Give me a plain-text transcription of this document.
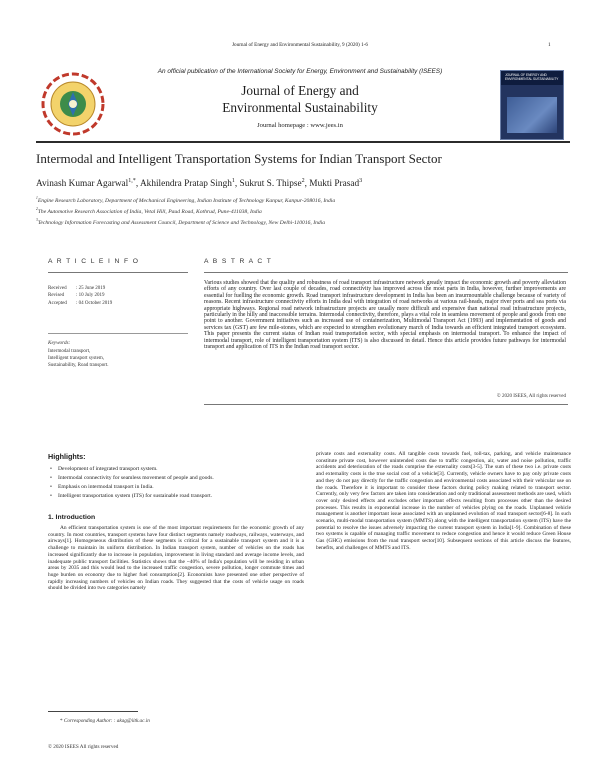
Journal of Energy and Environmental Sustainability, 9 (2020) 1-6	1
An official publication of the International Society for Energy, Environment and Sustainability (ISEES)
Journal of Energy and
Environmental Sustainability
Journal homepage : www.jees.in
JOURNAL OF ENERGY AND ENVIRONMENTAL SUSTAINABILITY
Intermodal and Intelligent Transportation Systems for Indian Transport Sector
Avinash Kumar Agarwal$^{1,*}$, Akhilendra Pratap Singh$^1$, Sukrut S. Thipse$^2$, Mukti Prasad$^3$
$^1$Engine Research Laboratory, Department of Mechanical Engineering, Indian Institute of Technology Kanpur, Kanpur-208016, India
$^2$The Automotive Research Association of India, Vetal Hill, Paud Road, Kothrud, Pune-411038, India
$^3$Technology Information Forecasting and Assessment Council, Department of Science and Technology, New Delhi-110016, India
A R T I C L E I N F O
Received : 25 June 2019
Revised : 10 July 2019
Accepted : 04 October 2019
Keywords:
Intermodal transport,
Intelligent transport system,
Sustainability, Road transport.
A B S T R A C T
Various studies showed that the quality and robustness of road transport infrastructure network greatly impact the economic growth and poverty alleviation efforts of any country. Over last couple of decades, road connectivity has improved across the most parts in India, however, further improvements are essential for fuelling the economic growth. Road transport infrastructure development in India has been an insurmountable challenge because of variety of reasons. Recent infrastructure connectivity efforts in India deal with integration of road networks at various rail-heads, major river ports and sea ports via appropriate highways. Regional road network infrastructure projects are usually more difficult and expensive than national road infrastructure projects, particularly in the hilly and inaccessible terrains. Intermodal connectivity, therefore, plays a vital role in seamless movement of people and goods from one point to another. Government initiatives such as increased use of containerization, Multimodal Transport Act (1993) and implementation of goods and services tax (GST) are few mile-stones, which are expected to strengthen evolutionary march of India towards an efficient integrated transport ecosystem. This paper presents the current status of Indian road transportation sector, with special emphasis on intermodal transport. To enhance the impact of intermodal transport, role of intelligent transportation system (ITS) is also discussed in detail. Hence this article provides future pathways for intermodal transport and application of ITS in the Indian road transport sector.
© 2020 ISEES, All rights reserved
Highlights:
• Development of integrated transport system.
• Intermodal connectivity for seamless movement of people and goods.
• Emphasis on intermodal transport in India.
• Intelligent transportation system (ITS) for sustainable road transport.
1. Introduction
An efficient transportation system is one of the most important requirements for the economic growth of any country. In most countries, transport systems have four distinct segments namely roadways, railways, waterways, and airways[1]. Homogeneous distribution of these segments is critical for a sustainable transport system and it is a challenge to maintain its uniform distribution. In Indian transport system, number of vehicles on the roads has increased significantly due to increase in population, improvement in living standard and average income levels, and inadequate public transport facilities. Statistics shows that the ~40% of India's population will be residing in urban areas by 2035 and this would lead to the increased traffic congestion, severe pollution, longer commute times and huge burden on economy due to higher fuel consumption[2]. Economists have presented one other perspective of rapidly increasing numbers of vehicles on Indian roads. They suggested that the costs of vehicle usage on roads should be divided into two categories namely
private costs and externality costs. All tangible costs towards fuel, toll-tax, parking, and vehicle maintenance constitute private cost, however unintended costs due to traffic congestion, air, water and noise pollution, traffic accidents and deterioration of the roads comprise the externality costs[3-5]. The sum of these two i.e. private costs and externality costs is the true social cost of a vehicle[3]. Currently, vehicle owners have to pay only private costs and they do not pay directly for the traffic congestion and environmental costs associated with their vehicular use on the roads. Therefore it is important to consider these factors during policy making related to transport sector. Currently, only very few factors are taken into consideration and only traditional assessment methods are used, which cover only desired effects and excludes other important effects resulting from processes other than the desired processes. This results in exponential increase in the number of vehicles plying on the roads. Unplanned vehicle management is another important issue associated with an unplanned evolution of road transport sector[6-8]. In such scenario, multi-modal transportation system (MMTS) along with the intelligent transportation system (ITS) have the potential to resolve the issues adversely impacting the current transport system in India[1-9]. Combination of these two systems is capable of managing traffic movement to reduce congestion and hence it would reduce Green House Gas (GHG) emissions from the road transport sector[10]. Subsequent sections of this article discuss the features, benefits, and challenges of MMTS and ITS.
* Corresponding Author: : akag@iitk.ac.in
© 2020 ISEES All rights reserved
